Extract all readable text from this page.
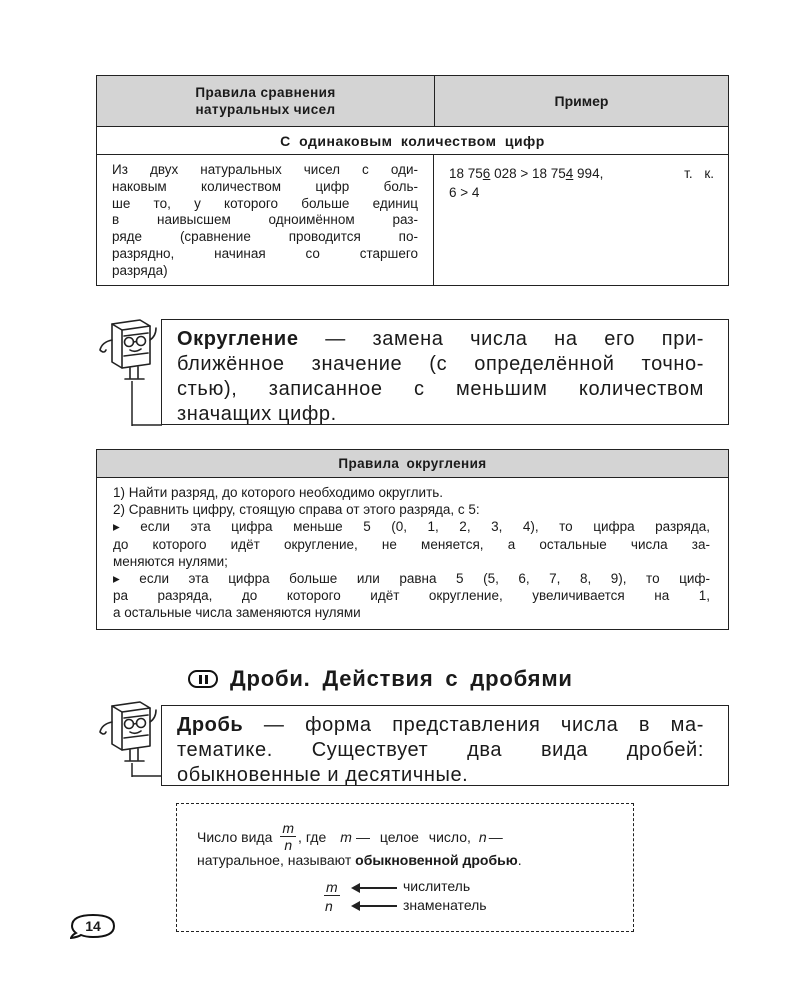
Правила сравнения
натуральных чисел
Пример
С одинаковым количеством цифр
Из двух натуральных чисел с оди-
наковым количеством цифр боль-
ше то, у которого больше единиц
в наивысшем одноимённом раз-
ряде (сравнение проводится по-
разрядно, начиная со старшего
разряда)
18 756 028 > 18 754 994,	т. к.
6 > 4
Округление — замена числа на его при-
ближённое значение (с определённой точно-
стью), записанное с меньшим количеством
значащих цифр.
Правила округления

1) Найти разряд, до которого необходимо округлить.

2) Сравнить цифру, стоящую справа от этого разряда, с 5:

▸ если эта цифра меньше 5 (0, 1, 2, 3, 4), то цифра разряда,

до которого идёт округление, не меняется, а остальные числа за-

меняются нулями;

▸ если эта цифра больше или равна 5 (5, 6, 7, 8, 9), то циф-

ра разряда, до которого идёт округление, увеличивается на 1,

а остальные числа заменяются нулями

Дроби. Действия с дробями
Дробь — форма представления числа в ма-
тематике. Существует два вида дробей:
обыкновенные и десятичные.
Число вида $\frac{m}{n}$ , где m — целое число, n —
натуральное, называют обыкновенной дробью.
m
n
числитель
знаменатель
14
